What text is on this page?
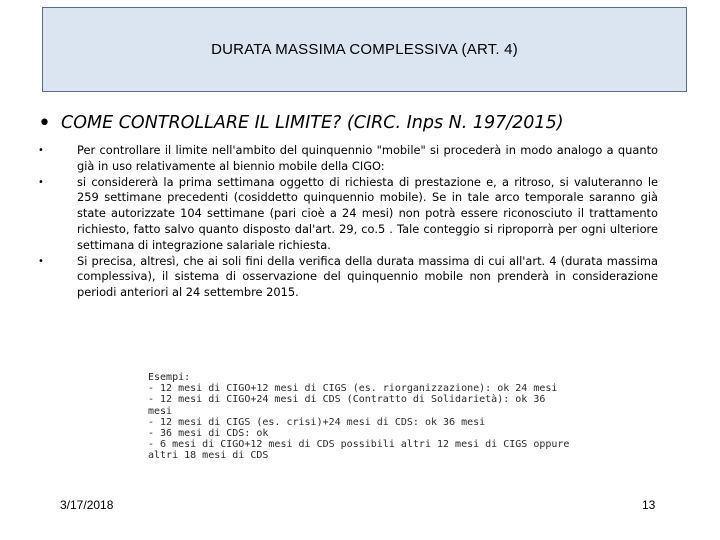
DURATA MASSIMA COMPLESSIVA (ART. 4)
• COME CONTROLLARE IL LIMITE? (CIRC. Inps N. 197/2015)
•	Per controllare il limite nell'ambito del quinquennio "mobile" si procederà in modo analogo a quanto già in uso relativamente al biennio mobile della CIGO:
•	si considererà la prima settimana oggetto di richiesta di prestazione e, a ritroso, si valuteranno le 259 settimane precedenti (cosiddetto quinquennio mobile). Se in tale arco temporale saranno già state autorizzate 104 settimane (pari cioè a 24 mesi) non potrà essere riconosciuto il trattamento richiesto, fatto salvo quanto disposto dal'art. 29, co.5 . Tale conteggio si riproporrà per ogni ulteriore settimana di integrazione salariale richiesta.
•	Si precisa, altresì, che ai soli fini della verifica della durata massima di cui all'art. 4 (durata massima complessiva), il sistema di osservazione del quinquennio mobile non prenderà in considerazione periodi anteriori al 24 settembre 2015.
Esempi:
- 12 mesi di CIGO+12 mesi di CIGS (es. riorganizzazione): ok 24 mesi
- 12 mesi di CIGO+24 mesi di CDS (Contratto di Solidarietà): ok 36
mesi
- 12 mesi di CIGS (es. crisi)+24 mesi di CDS: ok 36 mesi
- 36 mesi di CDS: ok
- 6 mesi di CIGO+12 mesi di CDS possibili altri 12 mesi di CIGS oppure
altri 18 mesi di CDS
3/17/2018	13
